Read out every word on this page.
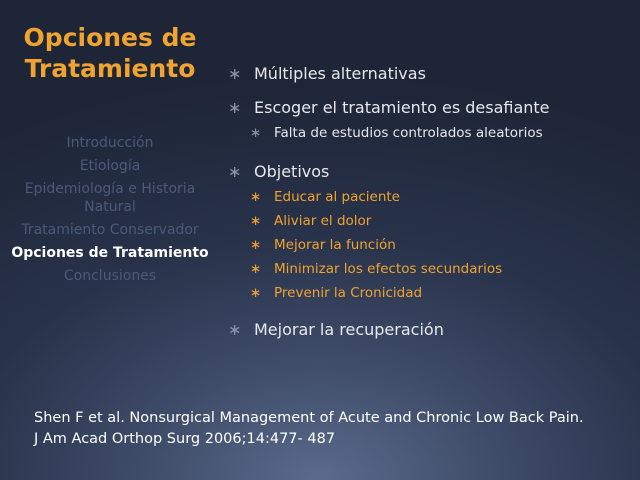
Opciones de
Tratamiento
Introducción
Etiología
Epidemiología e Historia Natural
Tratamiento Conservador
Opciones de Tratamiento
Conclusiones
∗ Múltiples alternativas
∗ Escoger el tratamiento es desafiante
∗ Falta de estudios controlados aleatorios
∗ Objetivos
∗ Educar al paciente
∗ Aliviar el dolor
∗ Mejorar la función
∗ Minimizar los efectos secundarios
∗ Prevenir la Cronicidad
∗ Mejorar la recuperación
Shen F et al. Nonsurgical Management of Acute and Chronic Low Back Pain.
J Am Acad Orthop Surg 2006;14:477- 487
